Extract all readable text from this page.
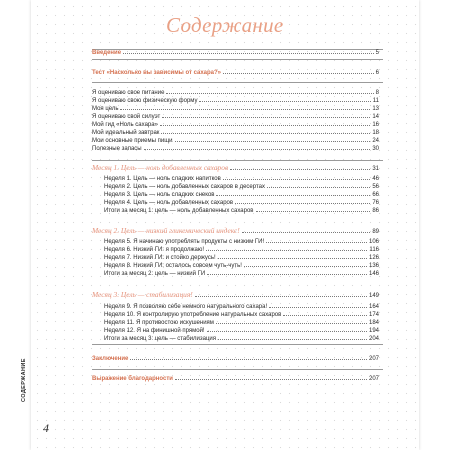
СОДЕРЖАНИЕ
4
Содержание
Введение	5
Тест «Насколько вы зависимы от сахара?»	6
Я оцениваю свое питание	8
Я оцениваю свою физическую форму	11
Моя цель	13
Я оцениваю свой силуэт	14
Мой гид «Ноль сахара»	16
Мой идеальный завтрак	18
Мои основные приемы пищи	24
Полезные запасы	30
Месяц 1. Цель — ноль добавленных сахаров	31
Неделя 1. Цель — ноль сладких напитков	46
Неделя 2. Цель — ноль добавленных сахаров в десертах	56
Неделя 3. Цель — ноль сладких снеков	66
Неделя 4. Цель — ноль добавленных сахаров	76
Итоги за месяц 1: цель — ноль добавленных сахаров	86
Месяц 2. Цель — низкий гликемический индекс!	89
Неделя 5. Я начинаю употреблять продукты с низким ГИ!	106
Неделя 6. Низкий ГИ: я продолжаю!	116
Неделя 7. Низкий ГИ: и стойко держусь!	126
Неделя 8. Низкий ГИ: осталось совсем чуть-чуть!	136
Итоги за месяц 2: цель — низкий ГИ	146
Месяц 3. Цель — стабилизация!	149
Неделя 9. Я позволяю себе немного натурального сахара!	164
Неделя 10. Я контролирую употребление натуральных сахаров	174
Неделя 11. Я противостою искушениям	184
Неделя 12. Я на финишной прямой!	194
Итоги за месяц 3: цель — стабилизация	204
Заключение	207
Выражение благодарности	207
